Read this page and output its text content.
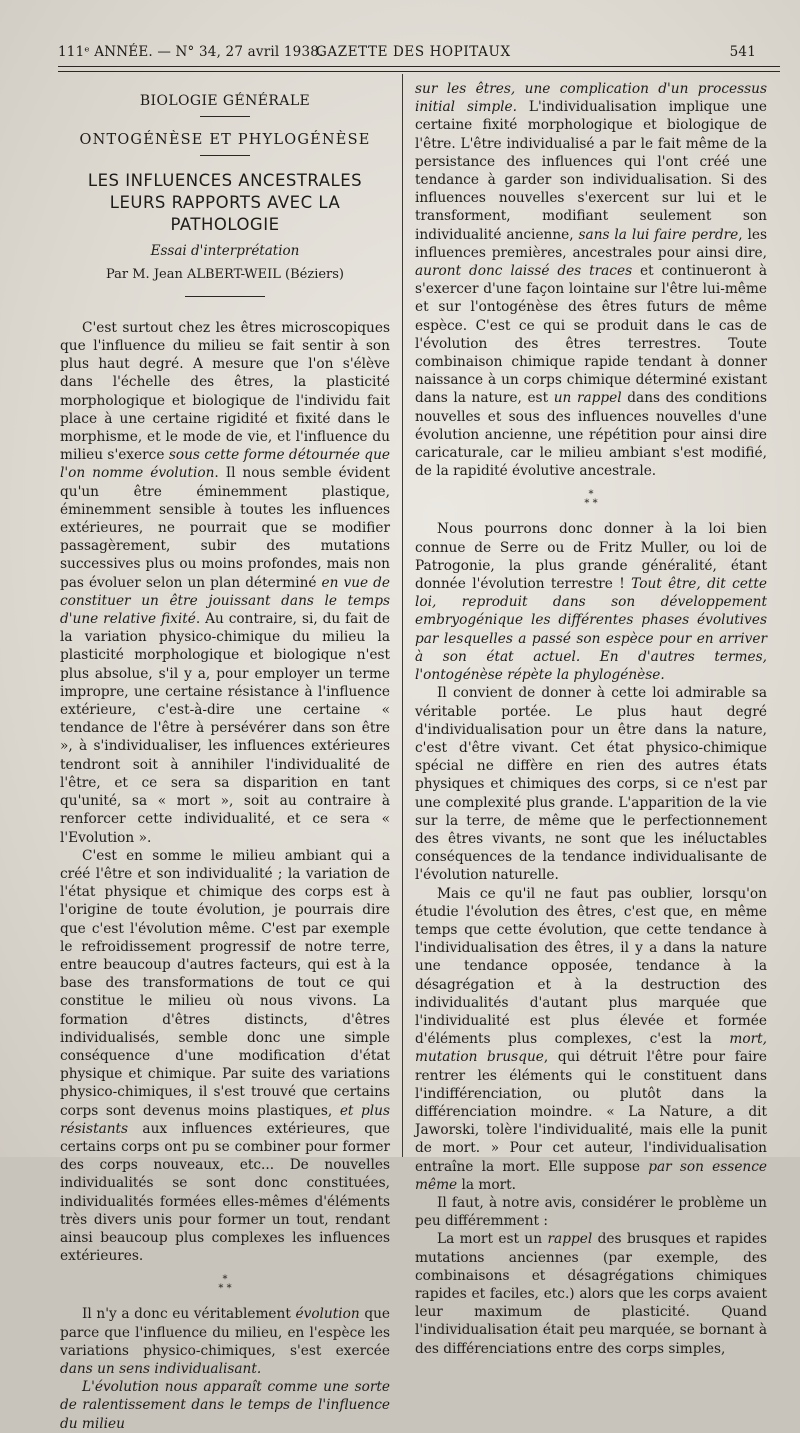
111ᵉ ANNÉE. — N° 34, 27 avril 1938.
GAZETTE DES HOPITAUX	541
BIOLOGIE GÉNÉRALE
ONTOGÉNÈSE ET PHYLOGÉNÈSE
LES INFLUENCES ANCESTRALES
LEURS RAPPORTS AVEC LA PATHOLOGIE
Essai d'interprétation
Par M. Jean ALBERT-WEIL (Béziers)

C'est surtout chez les êtres microscopiques que l'influence du milieu se fait sentir à son plus haut degré. A mesure que l'on s'élève dans l'échelle des êtres, la plasticité morphologique et biologique de l'individu fait place à une certaine rigidité et fixité dans le morphisme, et le mode de vie, et l'influence du milieu s'exerce sous cette forme détournée que l'on nomme évolution. Il nous semble évident qu'un être éminemment plastique, éminemment sensible à toutes les influences extérieures, ne pourrait que se modifier passagèrement, subir des mutations successives plus ou moins profondes, mais non pas évoluer selon un plan déterminé en vue de constituer un être jouissant dans le temps d'une relative fixité. Au contraire, si, du fait de la variation physico-chimique du milieu la plasticité morphologique et biologique n'est plus absolue, s'il y a, pour employer un terme impropre, une certaine résistance à l'influence extérieure, c'est-à-dire une certaine « tendance de l'être à persévérer dans son être », à s'individualiser, les influences extérieures tendront soit à annihiler l'individualité de l'être, et ce sera sa disparition en tant qu'unité, sa « mort », soit au contraire à renforcer cette individualité, et ce sera « l'Evolution ».

C'est en somme le milieu ambiant qui a créé l'être et son individualité ; la variation de l'état physique et chimique des corps est à l'origine de toute évolution, je pourrais dire que c'est l'évolution même. C'est par exemple le refroidissement progressif de notre terre, entre beaucoup d'autres facteurs, qui est à la base des transformations de tout ce qui constitue le milieu où nous vivons. La formation d'êtres distincts, d'êtres individualisés, semble donc une simple conséquence d'une modification d'état physique et chimique. Par suite des variations physico-chimiques, il s'est trouvé que certains corps sont devenus moins plastiques, et plus résistants aux influences extérieures, que certains corps ont pu se combiner pour former des corps nouveaux, etc... De nouvelles individualités se sont donc constituées, individualités formées elles-mêmes d'éléments très divers unis pour former un tout, rendant ainsi beaucoup plus complexes les influences extérieures.

*
* *

Il n'y a donc eu véritablement évolution que parce que l'influence du milieu, en l'espèce les variations physico-chimiques, s'est exercée dans un sens individualisant.

L'évolution nous apparaît comme une sorte de ralentissement dans le temps de l'influence du milieu

sur les êtres, une complication d'un processus initial simple. L'individualisation implique une certaine fixité morphologique et biologique de l'être. L'être individualisé a par le fait même de la persistance des influences qui l'ont créé une tendance à garder son individualisation. Si des influences nouvelles s'exercent sur lui et le transforment, modifiant seulement son individualité ancienne, sans la lui faire perdre, les influences premières, ancestrales pour ainsi dire, auront donc laissé des traces et continueront à s'exercer d'une façon lointaine sur l'être lui-même et sur l'ontogénèse des êtres futurs de même espèce. C'est ce qui se produit dans le cas de l'évolution des êtres terrestres. Toute combinaison chimique rapide tendant à donner naissance à un corps chimique déterminé existant dans la nature, est un rappel dans des conditions nouvelles et sous des influences nouvelles d'une évolution ancienne, une répétition pour ainsi dire caricaturale, car le milieu ambiant s'est modifié, de la rapidité évolutive ancestrale.

*
* *

Nous pourrons donc donner à la loi bien connue de Serre ou de Fritz Muller, ou loi de Patrogonie, la plus grande généralité, étant donnée l'évolution terrestre ! Tout être, dit cette loi, reproduit dans son développement embryogénique les différentes phases évolutives par lesquelles a passé son espèce pour en arriver à son état actuel. En d'autres termes, l'ontogénèse répète la phylogénèse.

Il convient de donner à cette loi admirable sa véritable portée. Le plus haut degré d'individualisation pour un être dans la nature, c'est d'être vivant. Cet état physico-chimique spécial ne diffère en rien des autres états physiques et chimiques des corps, si ce n'est par une complexité plus grande. L'apparition de la vie sur la terre, de même que le perfectionnement des êtres vivants, ne sont que les inéluctables conséquences de la tendance individualisante de l'évolution naturelle.

Mais ce qu'il ne faut pas oublier, lorsqu'on étudie l'évolution des êtres, c'est que, en même temps que cette évolution, que cette tendance à l'individualisation des êtres, il y a dans la nature une tendance opposée, tendance à la désagrégation et à la destruction des individualités d'autant plus marquée que l'individualité est plus élevée et formée d'éléments plus complexes, c'est la mort, mutation brusque, qui détruit l'être pour faire rentrer les éléments qui le constituent dans l'indifférenciation, ou plutôt dans la différenciation moindre. « La Nature, a dit Jaworski, tolère l'individualité, mais elle la punit de mort. » Pour cet auteur, l'individualisation entraîne la mort. Elle suppose par son essence même la mort.

Il faut, à notre avis, considérer le problème un peu différemment :

La mort est un rappel des brusques et rapides mutations anciennes (par exemple, des combinaisons et désagrégations chimiques rapides et faciles, etc.) alors que les corps avaient leur maximum de plasticité. Quand l'individualisation était peu marquée, se bornant à des différenciations entre des corps simples,
